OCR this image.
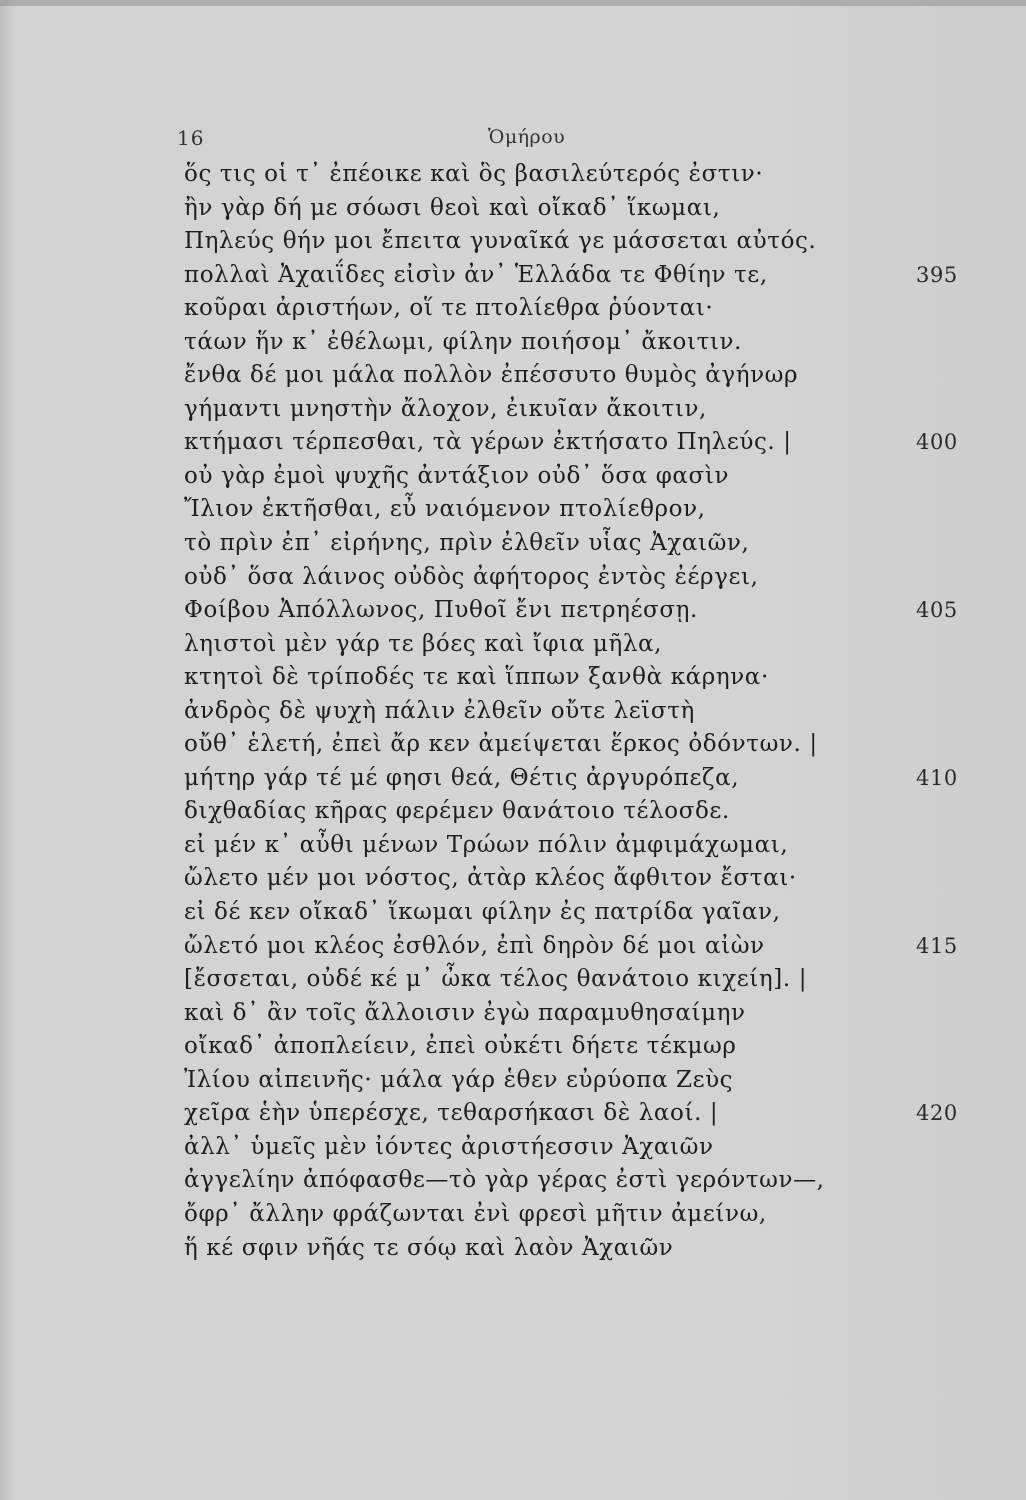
16	Ὁμήρου
ὅς τις οἱ τ᾽ ἐπέοικε καὶ ὃς βασιλεύτερός ἐστιν·
ἢν γὰρ δή με σόωσι θεοὶ καὶ οἴκαδ᾽ ἵκωμαι,
Πηλεύς θήν μοι ἔπειτα γυναῖκά γε μάσσεται αὐτός.
πολλαὶ Ἀχαιΐδες εἰσὶν ἀν᾽ Ἑλλάδα τε Φθίην τε,	395
κοῦραι ἀριστήων, οἵ τε πτολίεθρα ῥύονται·
τάων ἥν κ᾽ ἐθέλωμι, φίλην ποιήσομ᾽ ἄκοιτιν.
ἔνθα δέ μοι μάλα πολλὸν ἐπέσσυτο θυμὸς ἀγήνωρ
γήμαντι μνηστὴν ἄλοχον, ἐικυῖαν ἄκοιτιν,
κτήμασι τέρπεσθαι, τὰ γέρων ἐκτήσατο Πηλεύς. |	400
οὐ γὰρ ἐμοὶ ψυχῆς ἀντάξιον οὐδ᾽ ὅσα φασὶν
Ἴλιον ἐκτῆσθαι, εὖ ναιόμενον πτολίεθρον,
τὸ πρὶν ἐπ᾽ εἰρήνης, πρὶν ἐλθεῖν υἷας Ἀχαιῶν,
οὐδ᾽ ὅσα λάινος οὐδὸς ἀφήτορος ἐντὸς ἐέργει,
Φοίβου Ἀπόλλωνος, Πυθοῖ ἔνι πετρηέσσῃ.	405
ληιστοὶ μὲν γάρ τε βόες καὶ ἴφια μῆλα,
κτητοὶ δὲ τρίποδές τε καὶ ἵππων ξανθὰ κάρηνα·
ἀνδρὸς δὲ ψυχὴ πάλιν ἐλθεῖν οὔτε λεϊστὴ
οὔθ᾽ ἑλετή, ἐπεὶ ἄρ κεν ἀμείψεται ἕρκος ὀδόντων. |
μήτηρ γάρ τέ μέ φησι θεά, Θέτις ἀργυρόπεζα,	410
διχθαδίας κῆρας φερέμεν θανάτοιο τέλοσδε.
εἰ μέν κ᾽ αὖθι μένων Τρώων πόλιν ἀμφιμάχωμαι,
ὤλετο μέν μοι νόστος, ἀτὰρ κλέος ἄφθιτον ἔσται·
εἰ δέ κεν οἴκαδ᾽ ἵκωμαι φίλην ἐς πατρίδα γαῖαν,
ὤλετό μοι κλέος ἐσθλόν, ἐπὶ δηρὸν δέ μοι αἰὼν	415
[ἔσσεται, οὐδέ κέ μ᾽ ὦκα τέλος θανάτοιο κιχείη]. |
καὶ δ᾽ ἂν τοῖς ἄλλοισιν ἐγὼ παραμυθησαίμην
οἴκαδ᾽ ἀποπλείειν, ἐπεὶ οὐκέτι δήετε τέκμωρ
Ἰλίου αἰπεινῆς· μάλα γάρ ἑθεν εὐρύοπα Ζεὺς
χεῖρα ἑὴν ὑπερέσχε, τεθαρσήκασι δὲ λαοί. |	420
ἀλλ᾽ ὑμεῖς μὲν ἰόντες ἀριστήεσσιν Ἀχαιῶν
ἀγγελίην ἀπόφασθε—τὸ γὰρ γέρας ἐστὶ γερόντων—,
ὄφρ᾽ ἄλλην φράζωνται ἐνὶ φρεσὶ μῆτιν ἀμείνω,
ἥ κέ σφιν νῆάς τε σόῳ καὶ λαὸν Ἀχαιῶν
